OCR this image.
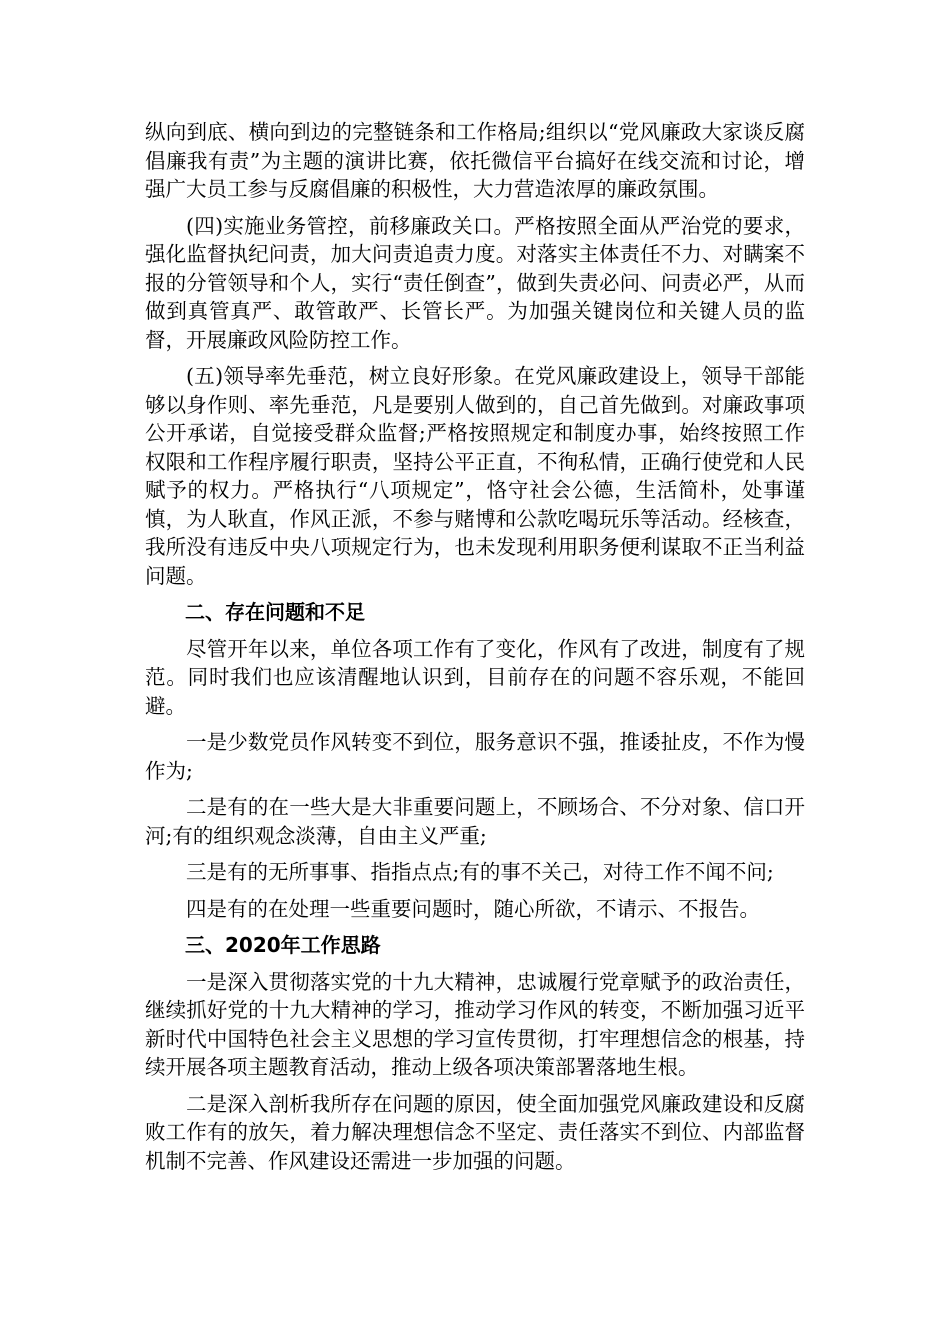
纵向到底、横向到边的完整链条和工作格局;组织以“党风廉政大家谈反腐倡廉我有责”为主题的演讲比赛，依托微信平台搞好在线交流和讨论，增强广大员工参与反腐倡廉的积极性，大力营造浓厚的廉政氛围。

(四)实施业务管控，前移廉政关口。严格按照全面从严治党的要求，强化监督执纪问责，加大问责追责力度。对落实主体责任不力、对瞒案不报的分管领导和个人，实行“责任倒查”，做到失责必问、问责必严，从而做到真管真严、敢管敢严、长管长严。为加强关键岗位和关键人员的监督，开展廉政风险防控工作。

(五)领导率先垂范，树立良好形象。在党风廉政建设上，领导干部能够以身作则、率先垂范，凡是要别人做到的，自己首先做到。对廉政事项公开承诺，自觉接受群众监督;严格按照规定和制度办事，始终按照工作权限和工作程序履行职责，坚持公平正直，不徇私情，正确行使党和人民赋予的权力。严格执行“八项规定”，恪守社会公德，生活简朴，处事谨慎，为人耿直，作风正派，不参与赌博和公款吃喝玩乐等活动。经核查，我所没有违反中央八项规定行为，也未发现利用职务便利谋取不正当利益问题。

二、存在问题和不足

尽管开年以来，单位各项工作有了变化，作风有了改进，制度有了规范。同时我们也应该清醒地认识到，目前存在的问题不容乐观，不能回避。

一是少数党员作风转变不到位，服务意识不强，推诿扯皮，不作为慢作为;

二是有的在一些大是大非重要问题上，不顾场合、不分对象、信口开河;有的组织观念淡薄，自由主义严重;

三是有的无所事事、指指点点;有的事不关己，对待工作不闻不问;

四是有的在处理一些重要问题时，随心所欲，不请示、不报告。

三、2020年工作思路

一是深入贯彻落实党的十九大精神，忠诚履行党章赋予的政治责任，继续抓好党的十九大精神的学习，推动学习作风的转变，不断加强习近平新时代中国特色社会主义思想的学习宣传贯彻，打牢理想信念的根基，持续开展各项主题教育活动，推动上级各项决策部署落地生根。

二是深入剖析我所存在问题的原因，使全面加强党风廉政建设和反腐败工作有的放矢，着力解决理想信念不坚定、责任落实不到位、内部监督机制不完善、作风建设还需进一步加强的问题。
